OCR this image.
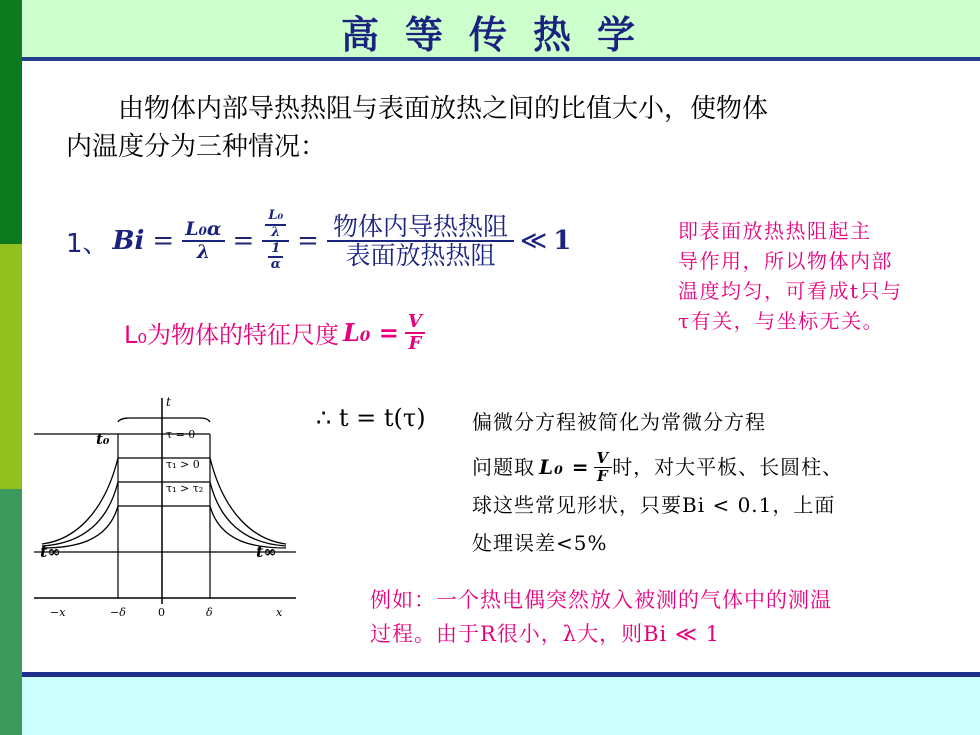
高等传热学
由物体内部导热热阻与表面放热之间的比值大小，使物体
内温度分为三种情况：
1、 $Bi = \frac{\text{L₀α}}{\lambda} = \frac{\frac{\text{L₀}}{\lambda}}{\frac{1}{\alpha}} = \frac{\text{物体内导热热阻}}{\text{表面放热热阻}}$ ≪ 1	即表面放热热阻起主
导作用，所以物体内部
温度均匀，可看成t只与
τ有关，与坐标无关。
L₀为物体的特征尺度 $L_0 = \frac{V}{F}$
t
t₀	τ = 0
τ₁ > 0
τ₁ > τ₂
t∞	t∞
−x	−δ	0	δ	x
∴ t = t(τ) 偏微分方程被简化为常微分方程
问题取 $L_0 = \frac{V}{F}$ 时，对大平板、长圆柱、
球这些常见形状，只要Bi < 0.1，上面
处理误差<5%
例如：一个热电偶突然放入被测的气体中的测温
过程。由于R很小，λ大，则Bi ≪ 1
